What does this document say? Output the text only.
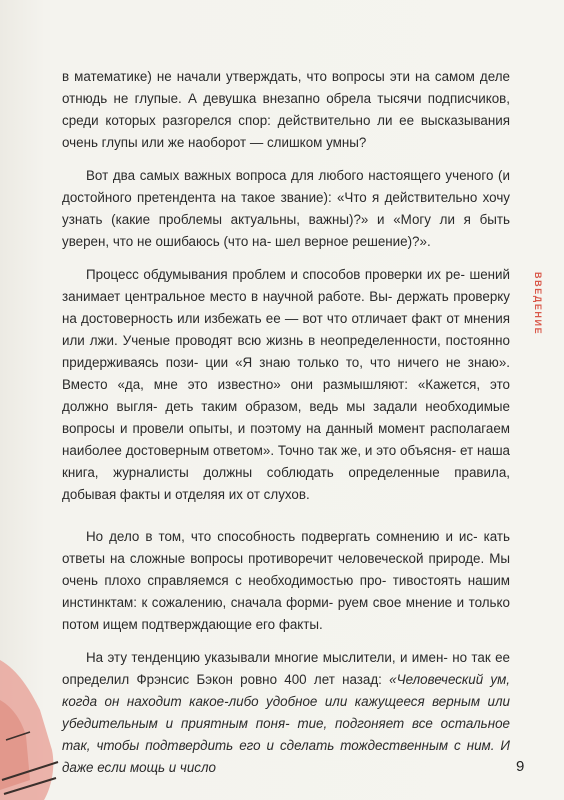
в математике) не начали утверждать, что вопросы эти на самом деле отнюдь не глупые. А девушка внезапно обрела тысячи подписчиков, среди которых разгорелся спор: действительно ли ее высказывания очень глупы или же наоборот — слишком умны?

Вот два самых важных вопроса для любого настоящего ученого (и достойного претендента на такое звание): «Что я действительно хочу узнать (какие проблемы актуальны, важны)?» и «Могу ли я быть уверен, что не ошибаюсь (что на- шел верное решение)?».

Процесс обдумывания проблем и способов проверки их ре- шений занимает центральное место в научной работе. Вы- держать проверку на достоверность или избежать ее — вот что отличает факт от мнения или лжи. Ученые проводят всю жизнь в неопределенности, постоянно придерживаясь пози- ции «Я знаю только то, что ничего не знаю». Вместо «да, мне это известно» они размышляют: «Кажется, это должно выгля- деть таким образом, ведь мы задали необходимые вопросы и провели опыты, и поэтому на данный момент располагаем наиболее достоверным ответом». Точно так же, и это объясня- ет наша книга, журналисты должны соблюдать определенные правила, добывая факты и отделяя их от слухов.

Но дело в том, что способность подвергать сомнению и ис- кать ответы на сложные вопросы противоречит человеческой природе. Мы очень плохо справляемся с необходимостью про- тивостоять нашим инстинктам: к сожалению, сначала форми- руем свое мнение и только потом ищем подтверждающие его факты.

На эту тенденцию указывали многие мыслители, и имен- но так ее определил Фрэнсис Бэкон ровно 400 лет назад: «Человеческий ум, когда он находит какое-либо удобное или кажущееся верным или убедительным и приятным поня- тие, подгоняет все остальное так, чтобы подтвердить его и сделать тождественным с ним. И даже если мощь и число

ВВЕДЕНИЕ
9
